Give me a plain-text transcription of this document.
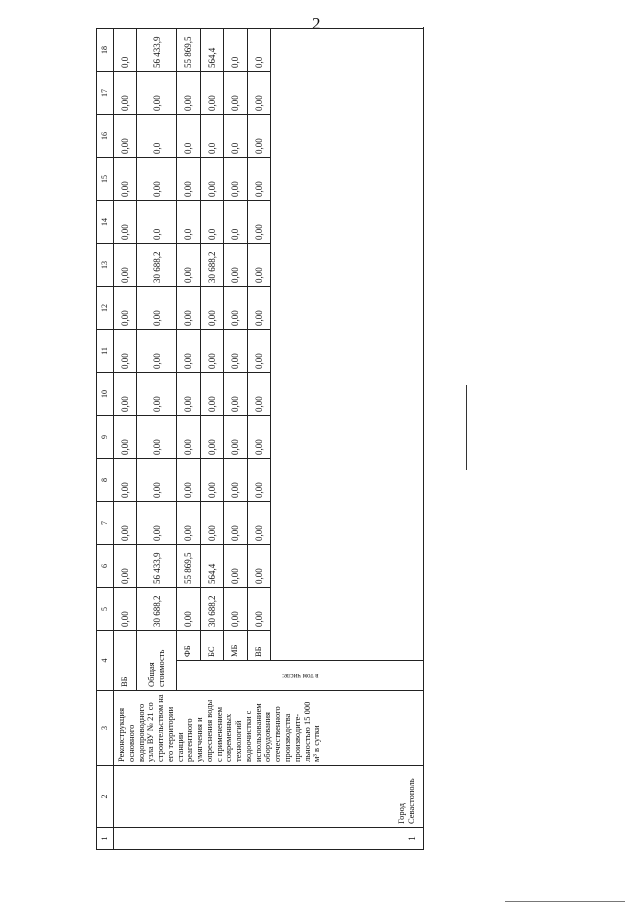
2
1	2	3	4		5	6	7	8	9	10	11	12	13	14	15	16	17	18
1	Город Севастополь	Реконструкция основного водопроводного узла ВУ № 21 со строительством на его территории станции реагентного умягчения и опреснения воды с применением современных технологий водоочистки с использованием оборудования отечественного производства производительностью 15 000 м³ в сутки	ВБ		0,00	0,00	0,00	0,00	0,00	0,00	0,00	0,00	0,00	0,00	0,00	0,00	0,00	0,0
			Общая стоимость		30 688,2	56 433,9	0,00	0,00	0,00	0,00	0,00	0,00	30 688,2	0,0	0,00	0,0	0,00	56 433,9

			в том числе:	ФБ	0,00	55 869,5	0,00	0,00	0,00	0,00	0,00	0,00	0,00	0,0	0,00	0,0	0,00	55 869,5
				БС	30 688,2	564,4	0,00	0,00	0,00	0,00	0,00	0,00	30 688,2	0,0	0,00	0,0	0,00	564,4
				МБ	0,00	0,00	0,00	0,00	0,00	0,00	0,00	0,00	0,00	0,0	0,00	0,0	0,00	0,0
				ВБ	0,00	0,00	0,00	0,00	0,00	0,00	0,00	0,00	0,00	0,00	0,00	0,00	0,00	0,0
